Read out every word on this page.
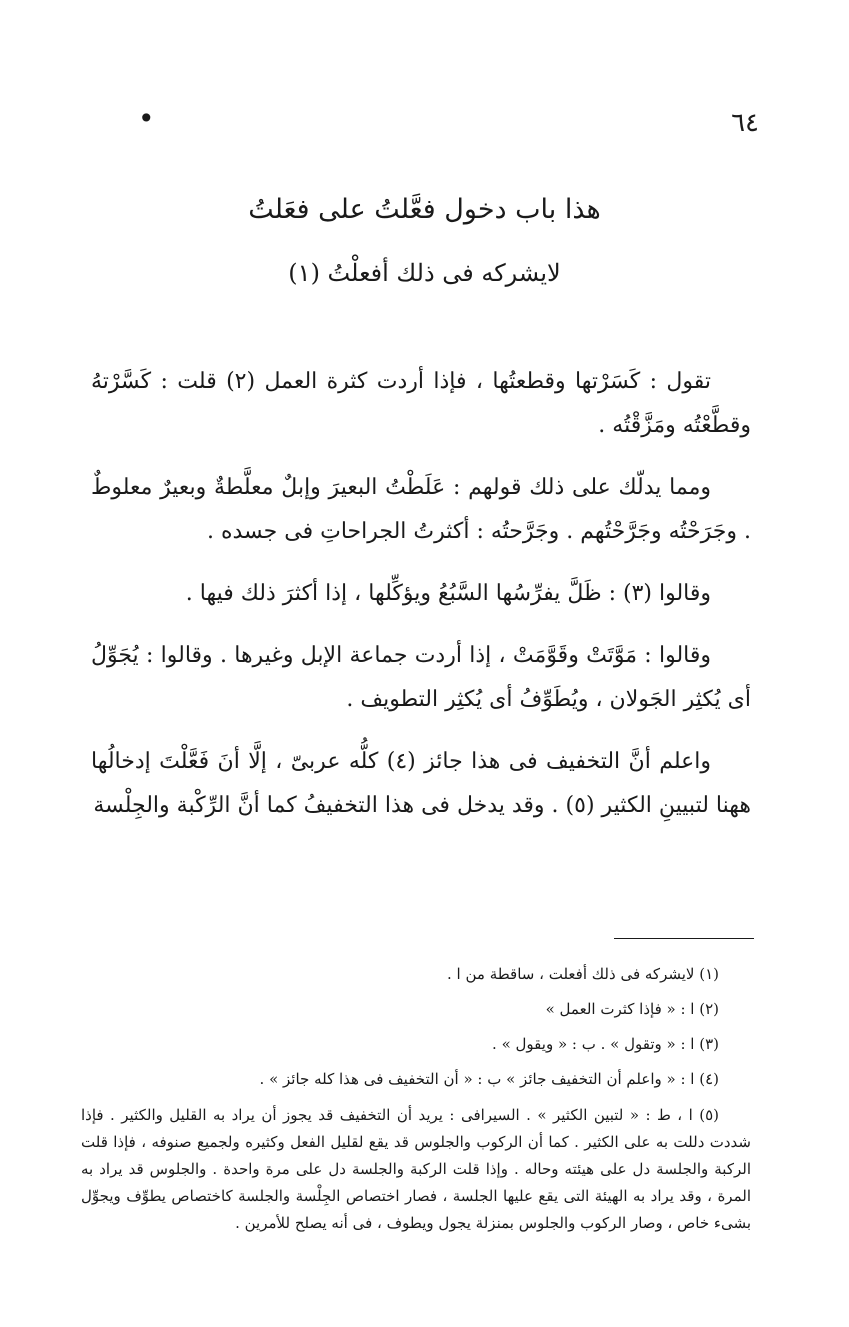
٦٤
•
هذا باب دخول فعَّلتُ على فعَلتُ
لايشركه فى ذلك أفعلْتُ (١)

تقول : كَسَرْتها وقطعتُها ، فإذا أردت كثرة العمل (٢) قلت : كَسَّرْتهُ وقطَّعْتُه ومَزَّقْتُه .

ومما يدلّك على ذلك قولهم : عَلَطْتُ البعيرَ وإبلٌ معلَّطةٌ وبعيرٌ معلوطٌ . وجَرَحْتُه وجَرَّحْتُهم . وجَرَّحتُه : أكثرتُ الجراحاتِ فى جسده .

وقالوا (٣) : ظَلَّ يفرِّسُها السَّبُعُ ويؤكِّلها ، إذا أكثرَ ذلك فيها .

وقالوا : مَوَّتَتْ وقَوَّمَتْ ، إذا أردت جماعة الإبل وغيرها . وقالوا : يُجَوِّلُ أى يُكثِر الجَولان ، ويُطَوِّفُ أى يُكثِر التطويف .

واعلم أنَّ التخفيف فى هذا جائز (٤) كلُّه عربىّ ، إلَّا أنَ فَعَّلْتَ إدخالُها ههنا لتبيينِ الكثير (٥) . وقد يدخل فى هذا التخفيفُ كما أنَّ الرِّكْبة والجِلْسة

(١) لايشركه فى ذلك أفعلت ، ساقطة من ا .
(٢) ا : « فإذا كثرت العمل »
(٣) ا : « وتقول » . ب : « ويقول » .
(٤) ا : « واعلم أن التخفيف جائز » ب : « أن التخفيف فى هذا كله جائز » .
(٥) ا ، ط : « لتبين الكثير » . السيرافى : يريد أن التخفيف قد يجوز أن يراد به القليل والكثير . فإذا شددت دللت به على الكثير . كما أن الركوب والجلوس قد يقع لقليل الفعل وكثيره ولجميع صنوفه ، فإذا قلت الركبة والجلسة دل على هيئته وحاله . وإذا قلت الركبة والجلسة دل على مرة واحدة . والجلوس قد يراد به المرة ، وقد يراد به الهيئة التى يقع عليها الجلسة ، فصار اختصاص الجِلْسة والجلسة كاختصاص يطوِّف ويجوِّل بشىء خاص ، وصار الركوب والجلوس بمنزلة يجول ويطوف ، فى أنه يصلح للأمرين .
